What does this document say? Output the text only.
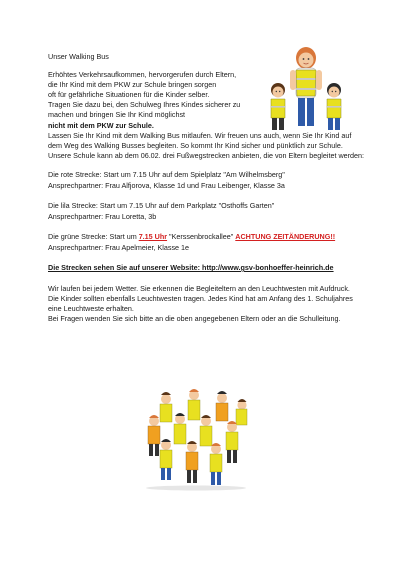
Unser Walking Bus
Erhöhtes Verkehrsaufkommen, hervorgerufen durch Eltern,
die Ihr Kind mit dem PKW zur Schule bringen sorgen
oft für gefährliche Situationen für die Kinder selber.
Tragen Sie dazu bei, den Schulweg Ihres Kindes sicherer zu
machen und bringen Sie Ihr Kind möglichst
nicht mit dem PKW zur Schule.
Lassen Sie Ihr Kind mit dem Walking Bus mitlaufen. Wir freuen uns auch, wenn Sie Ihr Kind auf
dem Weg des Walking Busses begleiten. So kommt Ihr Kind sicher und pünktlich zur Schule.
Unsere Schule kann ab dem 06.02. drei Fußwegstrecken anbieten, die von Eltern begleitet werden:
Die rote Strecke: Start um 7.15 Uhr auf dem Spielplatz "Am Wilhelmsberg"
Ansprechpartner: Frau Alfjorova, Klasse 1d und Frau Leibenger, Klasse 3a
Die lila Strecke: Start um 7.15 Uhr auf dem Parkplatz "Osthoffs Garten"
Ansprechpartner: Frau Loretta, 3b
Die grüne Strecke: Start um 7.15 Uhr "Kerssenbrockallee" ACHTUNG ZEITÄNDERUNG!!
Ansprechpartner: Frau Apelmeier, Klasse 1e
Die Strecken sehen Sie auf unserer Website: http://www.gsv-bonhoeffer-heinrich.de
Wir laufen bei jedem Wetter. Sie erkennen die Begleiteltern an den Leuchtwesten mit Aufdruck.
Die Kinder sollten ebenfalls Leuchtwesten tragen. Jedes Kind hat am Anfang des 1. Schuljahres
eine Leuchtweste erhalten.
Bei Fragen wenden Sie sich bitte an die oben angegebenen Eltern oder an die Schulleitung.
